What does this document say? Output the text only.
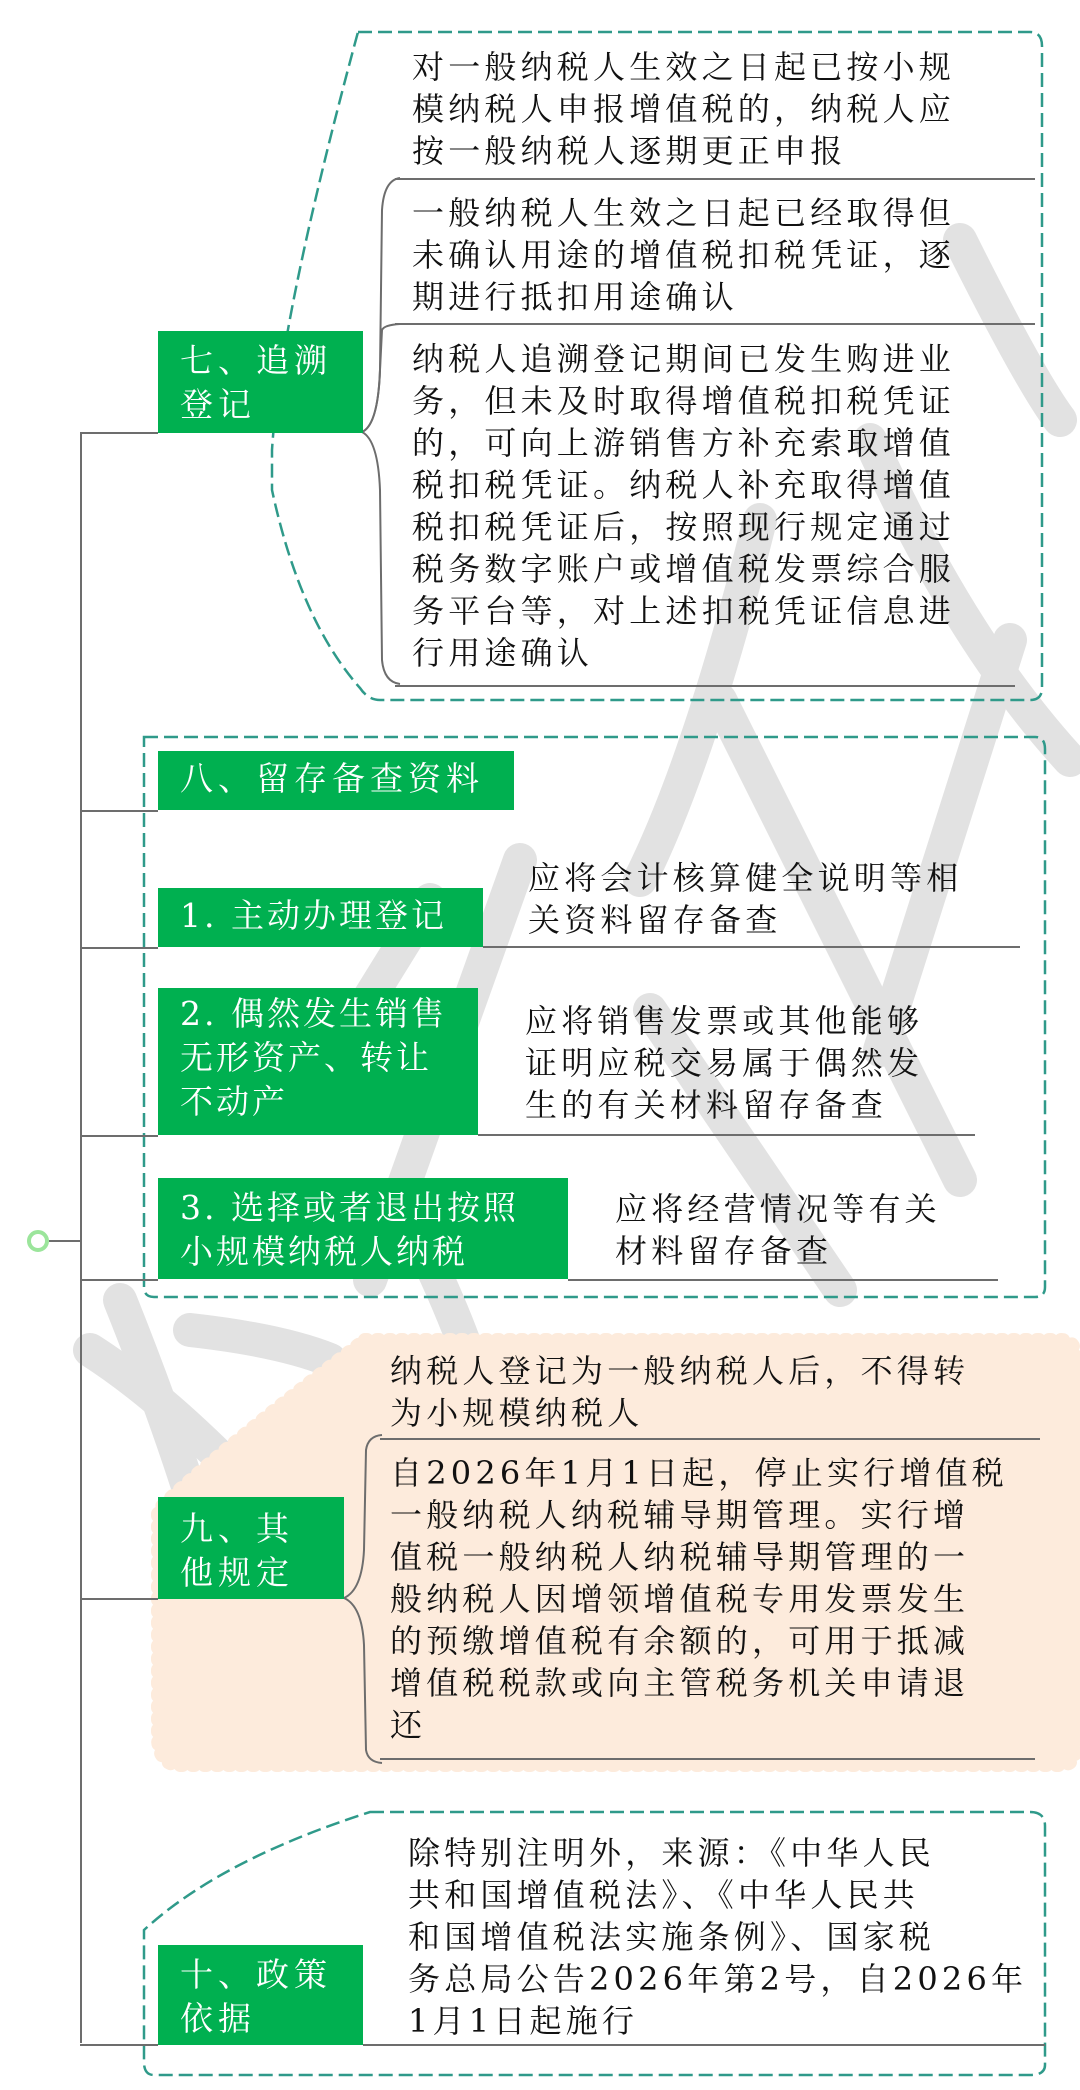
七、追溯
登记
对一般纳税人生效之日起已按小规
模纳税人申报增值税的，纳税人应
按一般纳税人逐期更正申报
一般纳税人生效之日起已经取得但
未确认用途的增值税扣税凭证，逐
期进行抵扣用途确认
纳税人追溯登记期间已发生购进业
务，但未及时取得增值税扣税凭证
的，可向上游销售方补充索取增值
税扣税凭证。纳税人补充取得增值
税扣税凭证后，按照现行规定通过
税务数字账户或增值税发票综合服
务平台等，对上述扣税凭证信息进
行用途确认
八、留存备查资料
1. 主动办理登记
应将会计核算健全说明等相
关资料留存备查
2. 偶然发生销售
无形资产、转让
不动产
应将销售发票或其他能够
证明应税交易属于偶然发
生的有关材料留存备查
3. 选择或者退出按照
小规模纳税人纳税
应将经营情况等有关
材料留存备查
九、其
他规定
纳税人登记为一般纳税人后，不得转
为小规模纳税人
自2026年1月1日起，停止实行增值税
一般纳税人纳税辅导期管理。实行增
值税一般纳税人纳税辅导期管理的一
般纳税人因增领增值税专用发票发生
的预缴增值税有余额的，可用于抵减
增值税税款或向主管税务机关申请退
还
十、政策
依据
除特别注明外，来源：《中华人民
共和国增值税法》、《中华人民共
和国增值税法实施条例》、国家税
务总局公告2026年第2号，自2026年
1月1日起施行
